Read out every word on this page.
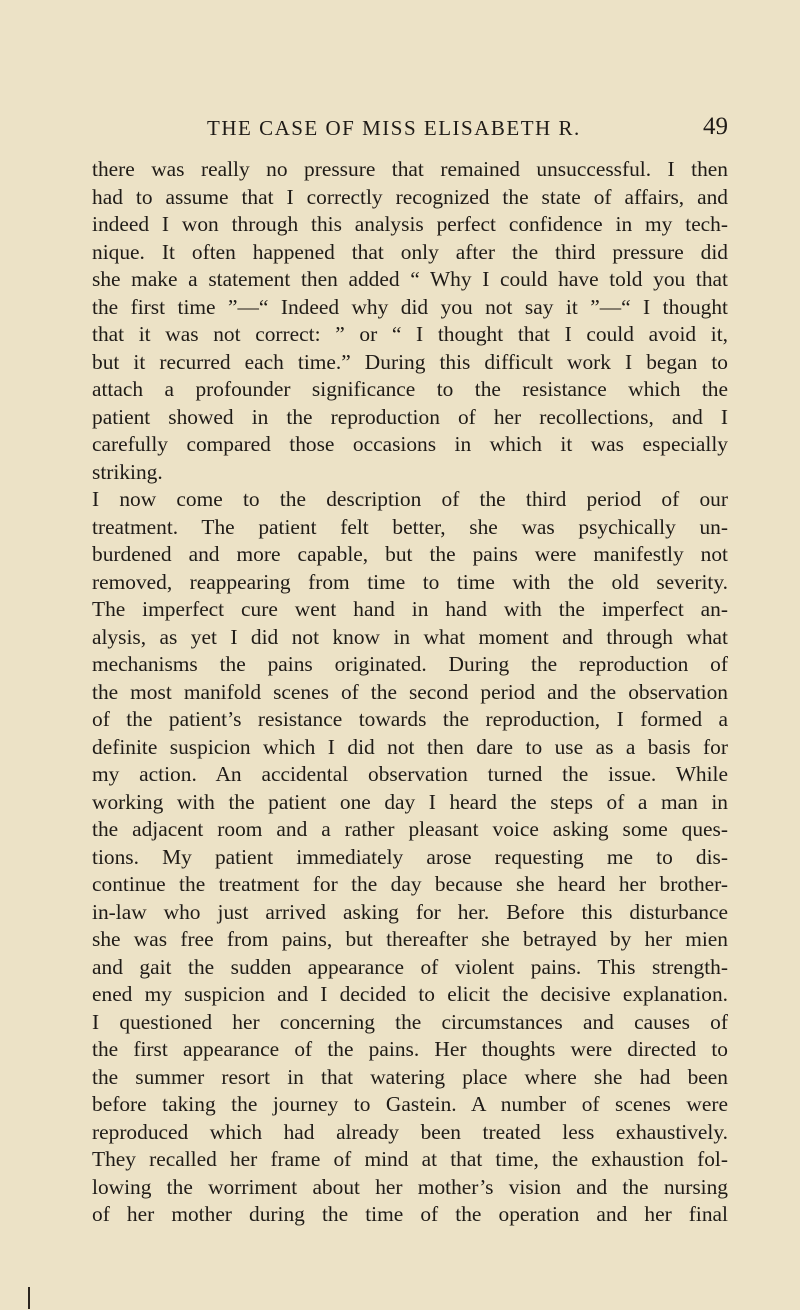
THE CASE OF MISS ELISABETH R.	49
there was really no pressure that remained unsuccessful. I then
had to assume that I correctly recognized the state of affairs, and
indeed I won through this analysis perfect confidence in my tech-
nique. It often happened that only after the third pressure did
she make a statement then added “ Why I could have told you that
the first time ”—“ Indeed why did you not say it ”—“ I thought
that it was not correct: ” or “ I thought that I could avoid it,
but it recurred each time.” During this difficult work I began to
attach a profounder significance to the resistance which the
patient showed in the reproduction of her recollections, and I
carefully compared those occasions in which it was especially
striking.
I now come to the description of the third period of our
treatment. The patient felt better, she was psychically un-
burdened and more capable, but the pains were manifestly not
removed, reappearing from time to time with the old severity.
The imperfect cure went hand in hand with the imperfect an-
alysis, as yet I did not know in what moment and through what
mechanisms the pains originated. During the reproduction of
the most manifold scenes of the second period and the observation
of the patient’s resistance towards the reproduction, I formed a
definite suspicion which I did not then dare to use as a basis for
my action. An accidental observation turned the issue. While
working with the patient one day I heard the steps of a man in
the adjacent room and a rather pleasant voice asking some ques-
tions. My patient immediately arose requesting me to dis-
continue the treatment for the day because she heard her brother-
in-law who just arrived asking for her. Before this disturbance
she was free from pains, but thereafter she betrayed by her mien
and gait the sudden appearance of violent pains. This strength-
ened my suspicion and I decided to elicit the decisive explanation.
I questioned her concerning the circumstances and causes of
the first appearance of the pains. Her thoughts were directed to
the summer resort in that watering place where she had been
before taking the journey to Gastein. A number of scenes were
reproduced which had already been treated less exhaustively.
They recalled her frame of mind at that time, the exhaustion fol-
lowing the worriment about her mother’s vision and the nursing
of her mother during the time of the operation and her final
